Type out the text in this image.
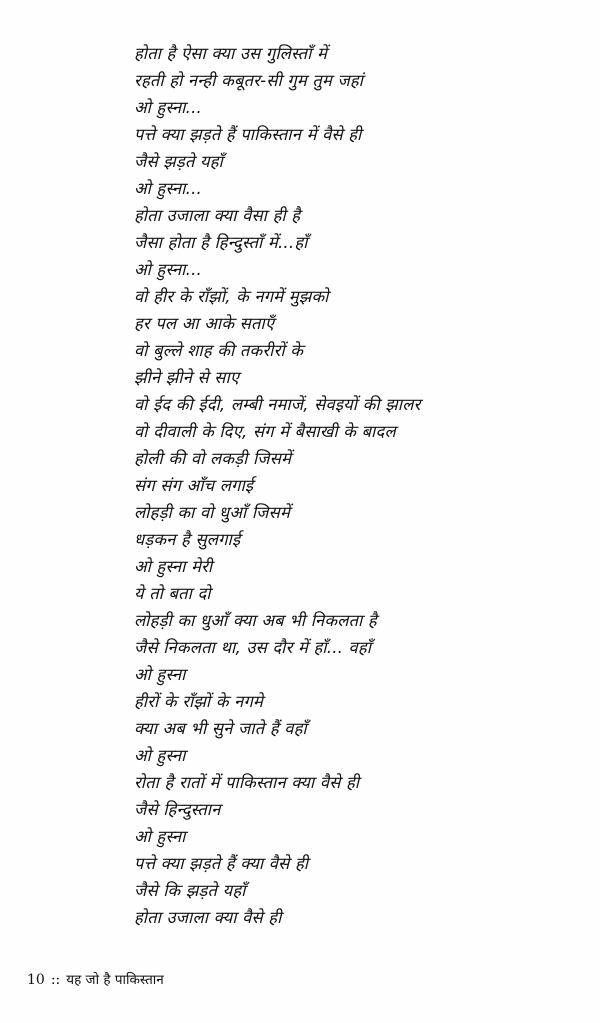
होता है ऐसा क्या उस गुलिस्ताँ में
रहती हो नन्ही कबूतर-सी गुम तुम जहां
ओ हुस्ना...
पत्ते क्या झड़ते हैं पाकिस्तान में वैसे ही
जैसे झड़ते यहाँ
ओ हुस्ना...
होता उजाला क्या वैसा ही है
जैसा होता है हिन्दुस्ताँ में...हाँ
ओ हुस्ना...
वो हीर के राँझों, के नगमें मुझको
हर पल आ आके सताएँ
वो बुल्ले शाह की तकरीरों के
झीने झीने से साए
वो ईद की ईदी, लम्बी नमाजें, सेवइयों की झालर
वो दीवाली के दिए, संग में बैसाखी के बादल
होली की वो लकड़ी जिसमें
संग संग आँच लगाई
लोहड़ी का वो धुआँ जिसमें
धड़कन है सुलगाई
ओ हुस्ना मेरी
ये तो बता दो
लोहड़ी का धुआँ क्या अब भी निकलता है
जैसे निकलता था, उस दौर में हाँ... वहाँ
ओ हुस्ना
हीरों के राँझों के नगमे
क्या अब भी सुने जाते हैं वहाँ
ओ हुस्ना
रोता है रातों में पाकिस्तान क्या वैसे ही
जैसे हिन्दुस्तान
ओ हुस्ना
पत्ते क्या झड़ते हैं क्या वैसे ही
जैसे कि झड़ते यहाँ
होता उजाला क्या वैसे ही
10 :: यह जो है पाकिस्तान
